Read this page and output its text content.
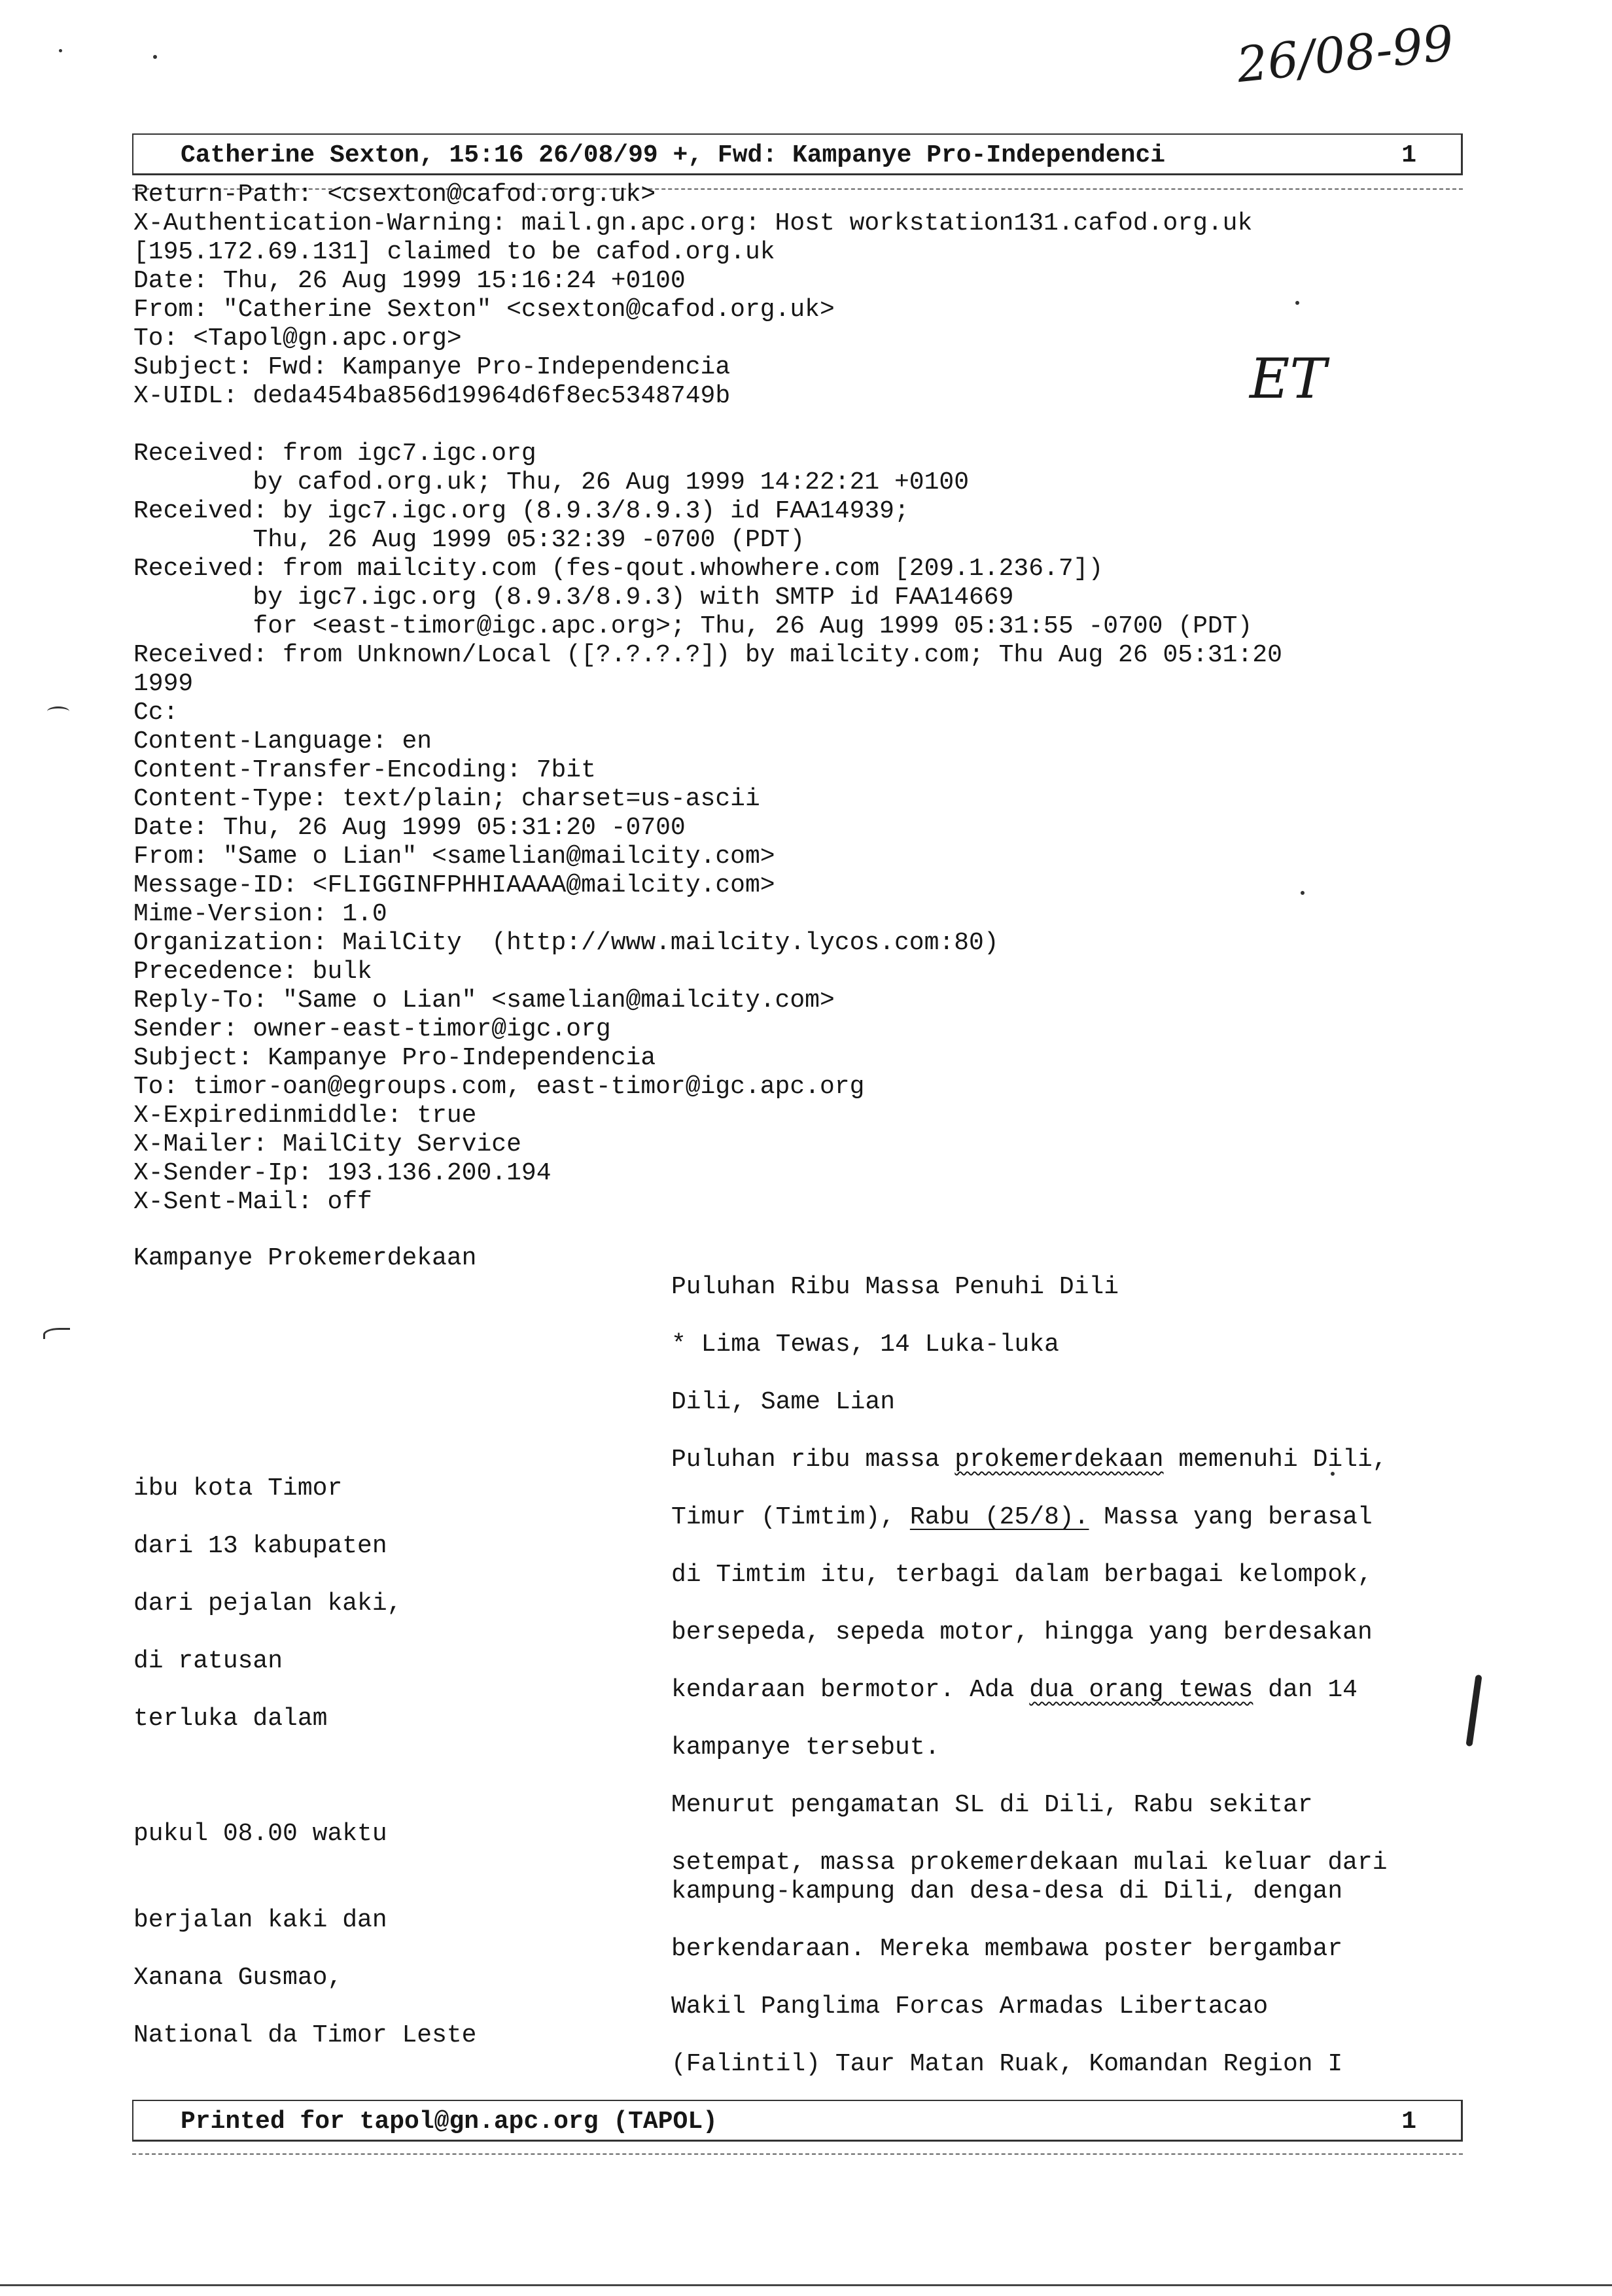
26/08-99
ET
Catherine Sexton, 15:16 26/08/99 +, Fwd: Kampanye Pro-Independenci	1
Return-Path: <csexton@cafod.org.uk>
X-Authentication-Warning: mail.gn.apc.org: Host workstation131.cafod.org.uk
[195.172.69.131] claimed to be cafod.org.uk
Date: Thu, 26 Aug 1999 15:16:24 +0100
From: "Catherine Sexton" <csexton@cafod.org.uk>
To: <Tapol@gn.apc.org>
Subject: Fwd: Kampanye Pro-Independencia
X-UIDL: deda454ba856d19964d6f8ec5348749b
Received: from igc7.igc.org
by cafod.org.uk; Thu, 26 Aug 1999 14:22:21 +0100
Received: by igc7.igc.org (8.9.3/8.9.3) id FAA14939;
Thu, 26 Aug 1999 05:32:39 -0700 (PDT)
Received: from mailcity.com (fes-qout.whowhere.com [209.1.236.7])
by igc7.igc.org (8.9.3/8.9.3) with SMTP id FAA14669
for <east-timor@igc.apc.org>; Thu, 26 Aug 1999 05:31:55 -0700 (PDT)
Received: from Unknown/Local ([?.?.?.?]) by mailcity.com; Thu Aug 26 05:31:20
1999
Cc:
Content-Language: en
Content-Transfer-Encoding: 7bit
Content-Type: text/plain; charset=us-ascii
Date: Thu, 26 Aug 1999 05:31:20 -0700
From: "Same o Lian" <samelian@mailcity.com>
Message-ID: <FLIGGINFPHHIAAAA@mailcity.com>
Mime-Version: 1.0
Organization: MailCity  (http://www.mailcity.lycos.com:80)
Precedence: bulk
Reply-To: "Same o Lian" <samelian@mailcity.com>
Sender: owner-east-timor@igc.org
Subject: Kampanye Pro-Independencia
To: timor-oan@egroups.com, east-timor@igc.apc.org
X-Expiredinmiddle: true
X-Mailer: MailCity Service
X-Sender-Ip: 193.136.200.194
X-Sent-Mail: off
Kampanye Prokemerdekaan
ibu kota Timor
dari 13 kabupaten
dari pejalan kaki,
di ratusan
terluka dalam
pukul 08.00 waktu
berjalan kaki dan
Xanana Gusmao,
National da Timor Leste
Puluhan Ribu Massa Penuhi Dili
* Lima Tewas, 14 Luka-luka
Dili, Same Lian
Puluhan ribu massa prokemerdekaan memenuhi Dili,
Timur (Timtim), Rabu (25/8). Massa yang berasal
di Timtim itu, terbagi dalam berbagai kelompok,
bersepeda, sepeda motor, hingga yang berdesakan
kendaraan bermotor. Ada dua orang tewas dan 14
kampanye tersebut.
Menurut pengamatan SL di Dili, Rabu sekitar
setempat, massa prokemerdekaan mulai keluar dari
kampung-kampung dan desa-desa di Dili, dengan
berkendaraan. Mereka membawa poster bergambar
Wakil Panglima Forcas Armadas Libertacao
(Falintil) Taur Matan Ruak, Komandan Region I
Printed for tapol@gn.apc.org (TAPOL)	1
